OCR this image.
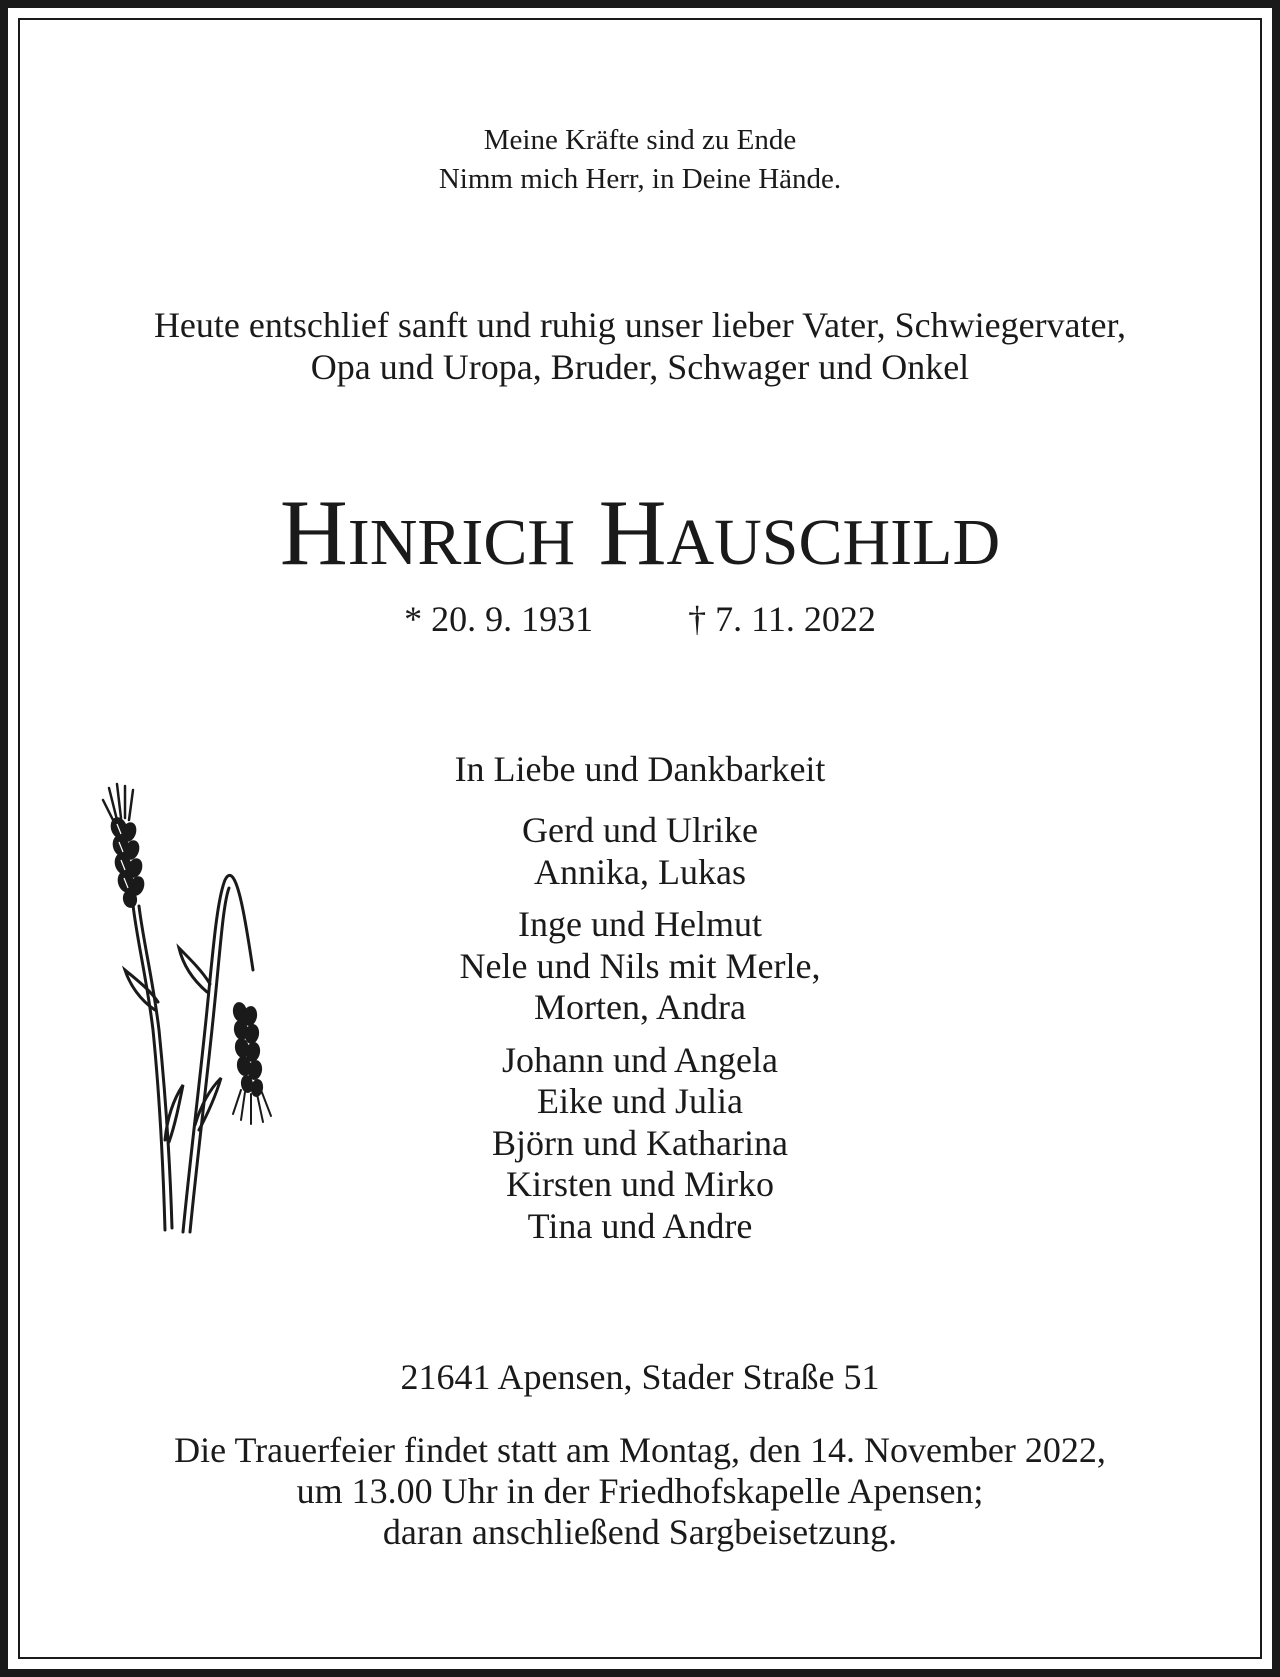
Meine Kräfte sind zu Ende
Nimm mich Herr, in Deine Hände.
Heute entschlief sanft und ruhig unser lieber Vater, Schwiegervater,
Opa und Uropa, Bruder, Schwager und Onkel
Hinrich Hauschild
* 20. 9. 1931	† 7. 11. 2022
In Liebe und Dankbarkeit
Gerd und Ulrike
Annika, Lukas
Inge und Helmut
Nele und Nils mit Merle,
Morten, Andra
Johann und Angela
Eike und Julia
Björn und Katharina
Kirsten und Mirko
Tina und Andre
21641 Apensen, Stader Straße 51
Die Trauerfeier findet statt am Montag, den 14. November 2022,
um 13.00 Uhr in der Friedhofskapelle Apensen;
daran anschließend Sargbeisetzung.
